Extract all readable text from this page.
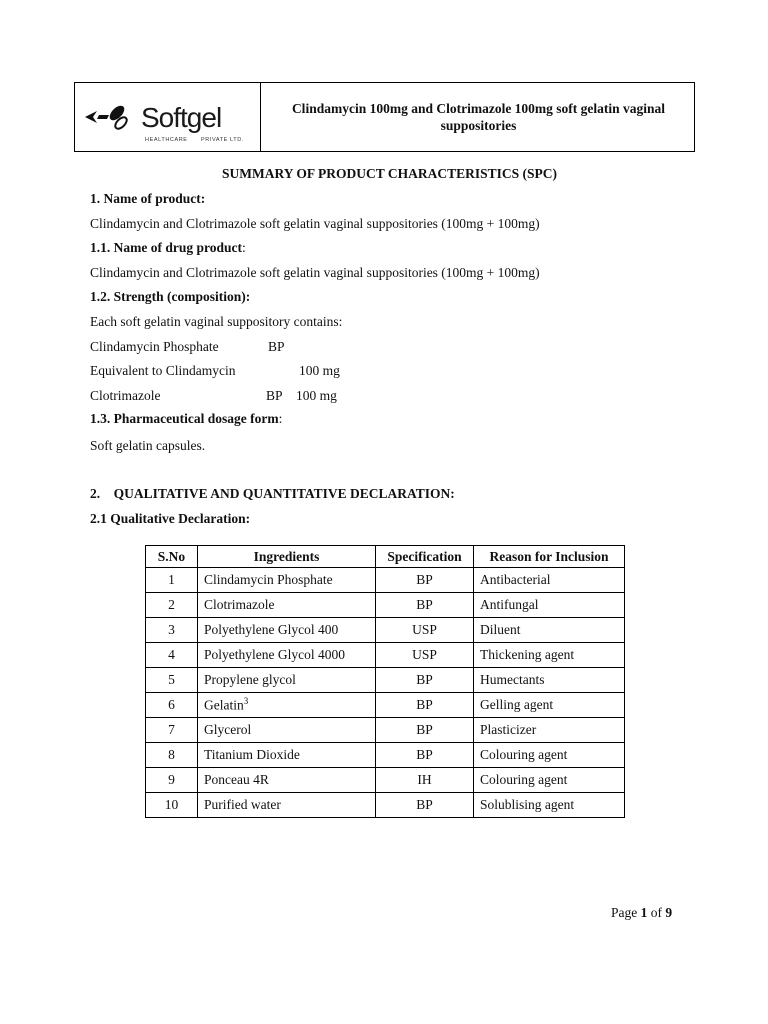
Softgel
HEALTHCARE PRIVATE LTD.
Clindamycin 100mg and Clotrimazole 100mg soft gelatin vaginal suppositories
SUMMARY OF PRODUCT CHARACTERISTICS (SPC)
1. Name of product:
Clindamycin and Clotrimazole soft gelatin vaginal suppositories (100mg + 100mg)
1.1. Name of drug product:
Clindamycin and Clotrimazole soft gelatin vaginal suppositories (100mg + 100mg)
1.2. Strength (composition):
Each soft gelatin vaginal suppository contains:
Clindamycin Phosphate	BP
Equivalent to Clindamycin	100 mg
Clotrimazole	BP 100 mg
1.3. Pharmaceutical dosage form:
Soft gelatin capsules.
2.    QUALITATIVE AND QUANTITATIVE DECLARATION:
2.1 Qualitative Declaration:
S.No	Ingredients	Specification	Reason for Inclusion
1	Clindamycin Phosphate	BP	Antibacterial
2	Clotrimazole	BP	Antifungal
3	Polyethylene Glycol 400	USP	Diluent
4	Polyethylene Glycol 4000	USP	Thickening agent
5	Propylene glycol	BP	Humectants
6	Gelatin$^3$	BP	Gelling agent
7	Glycerol	BP	Plasticizer
8	Titanium Dioxide	BP	Colouring agent
9	Ponceau 4R	IH	Colouring agent
10	Purified water	BP	Solublising agent
Page 1 of 9
